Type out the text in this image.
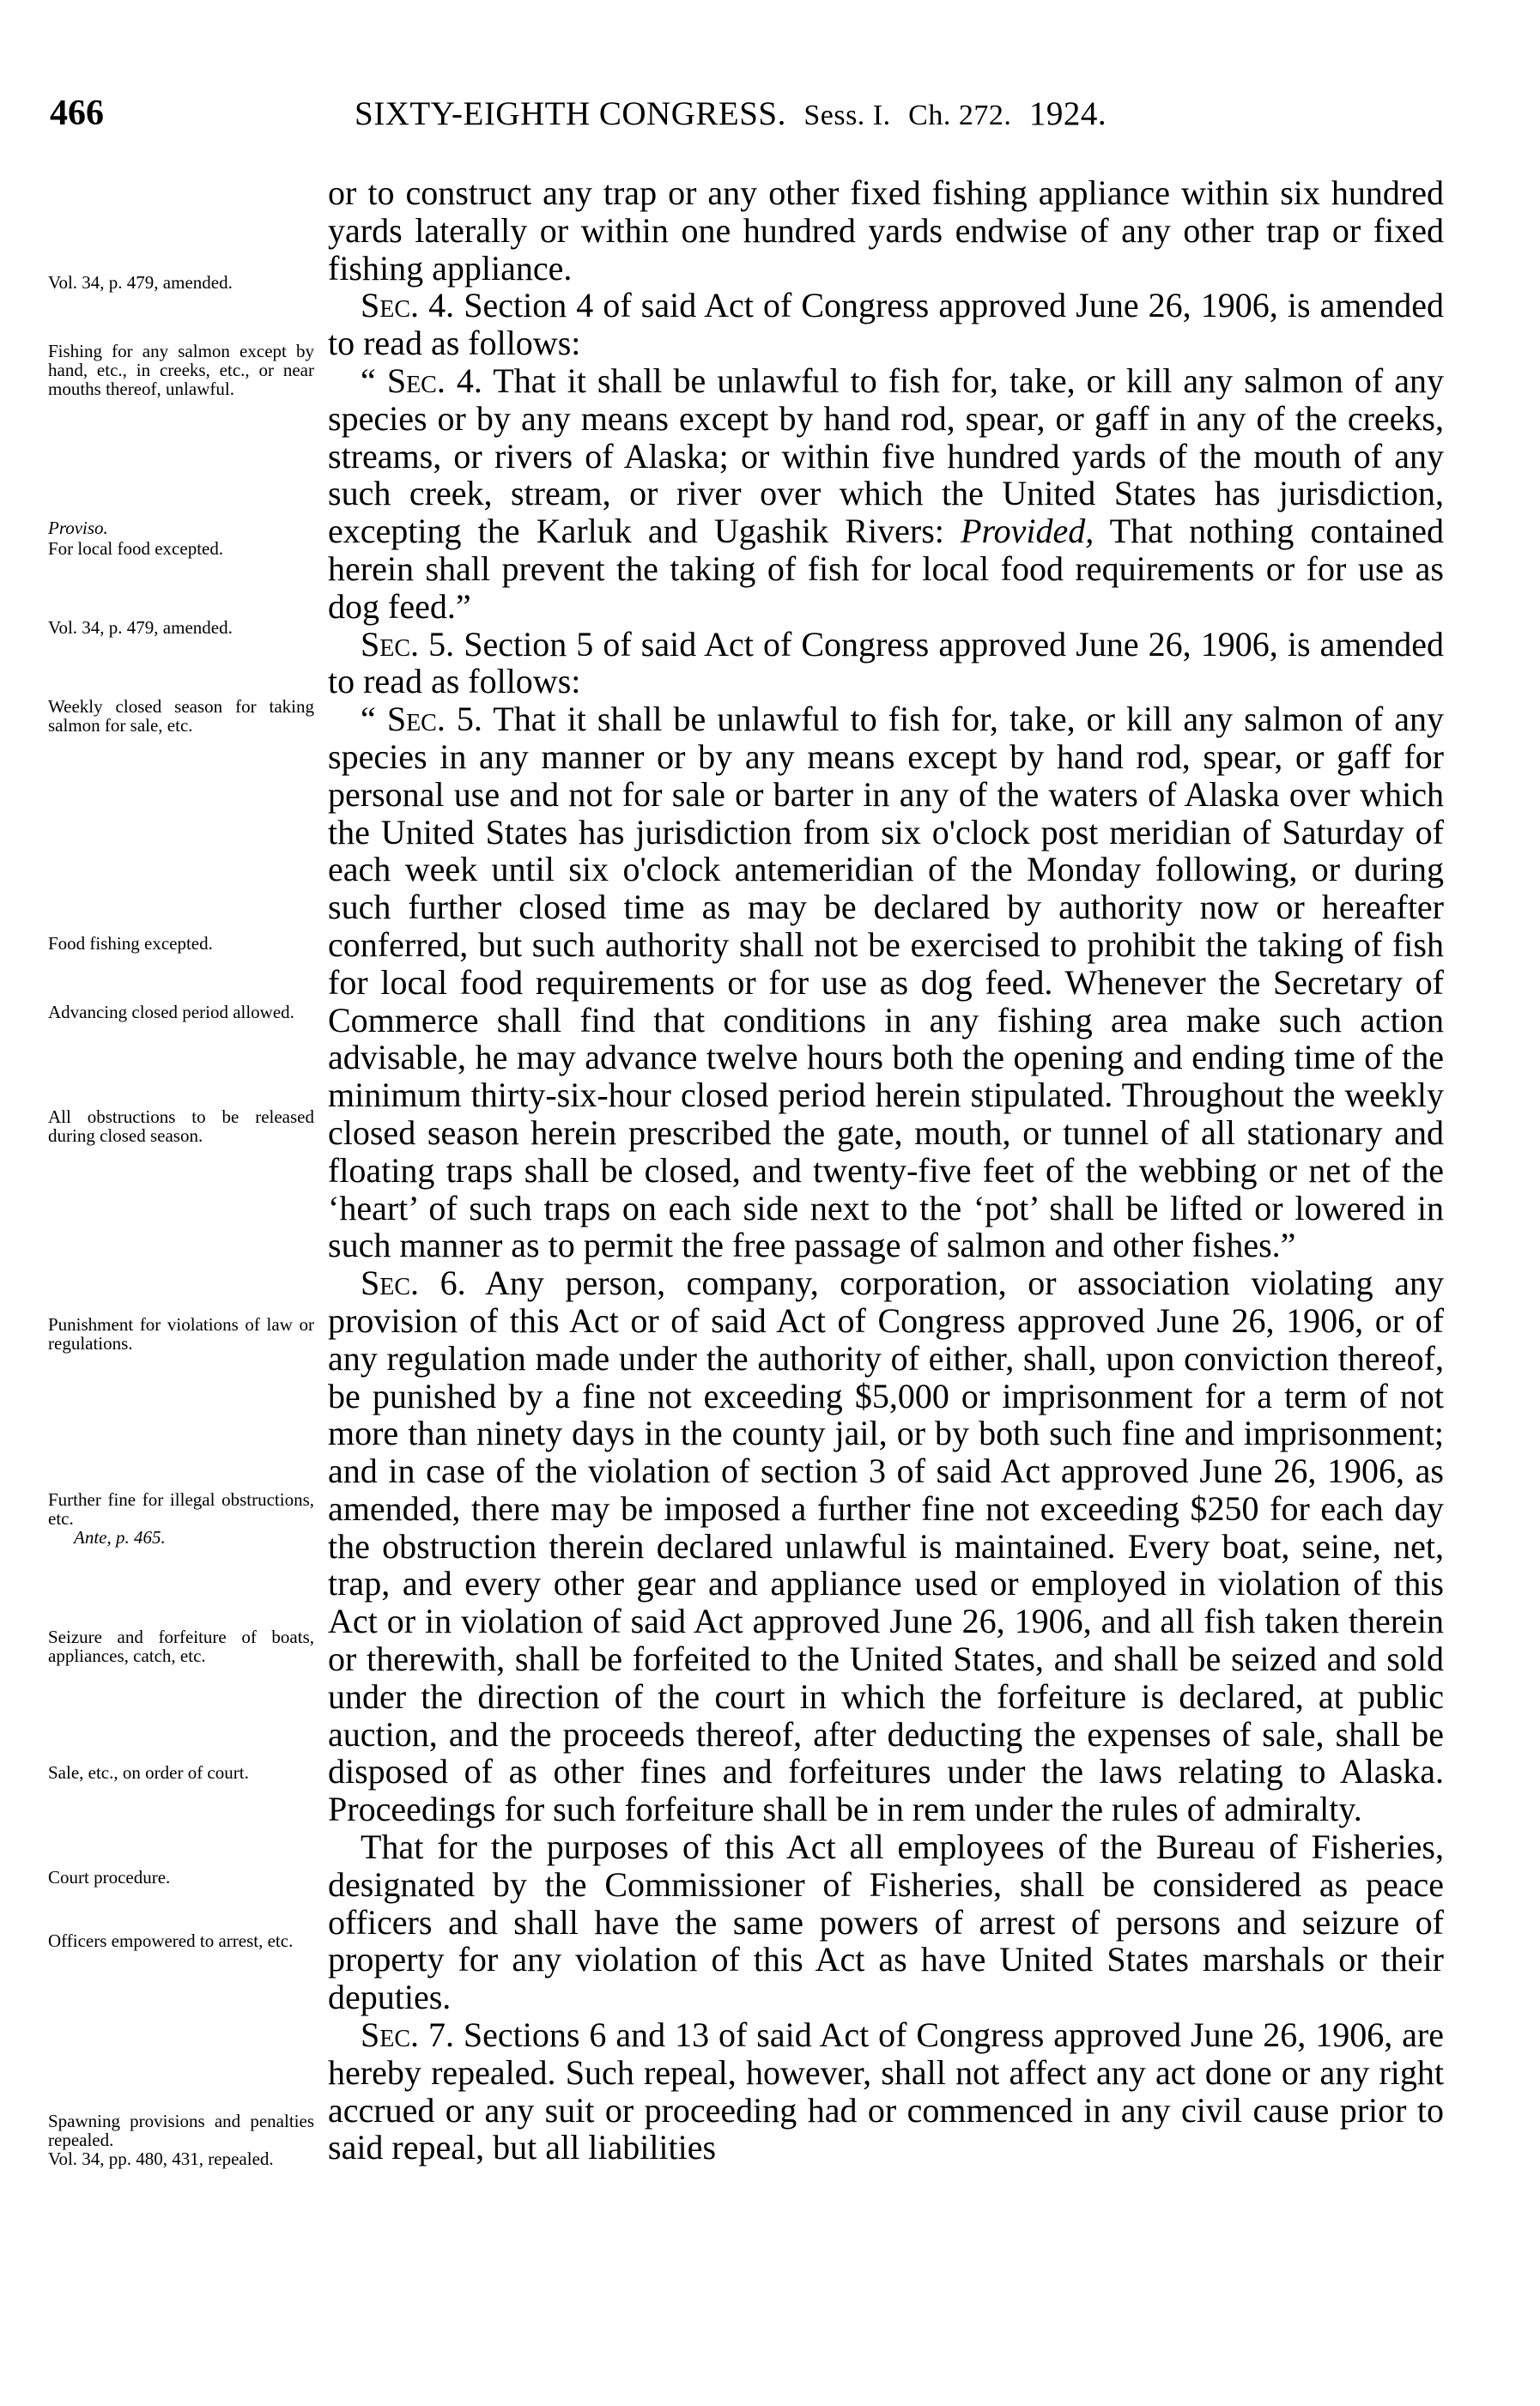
466	SIXTY-EIGHTH CONGRESS. Sess. I. Ch. 272. 1924.
Vol. 34, p. 479, amended.
Fishing for any salmon except by hand, etc., in creeks, etc., or near mouths thereof, unlawful.
Proviso.
For local food excepted.
Vol. 34, p. 479, amended.
Weekly closed season for taking salmon for sale, etc.
Food fishing excepted.
Advancing closed period allowed.
All obstructions to be released during closed season.
Punishment for violations of law or regulations.
Further fine for illegal obstructions, etc.
Ante, p. 465.
Seizure and forfeiture of boats, appliances, catch, etc.
Sale, etc., on order of court.
Court procedure.
Officers empowered to arrest, etc.
Spawning provisions and penalties repealed.
Vol. 34, pp. 480, 431, repealed.

or to construct any trap or any other fixed fishing appliance within six hundred yards laterally or within one hundred yards endwise of any other trap or fixed fishing appliance.

Sec. 4. Section 4 of said Act of Congress approved June 26, 1906, is amended to read as follows:

“ Sec. 4. That it shall be unlawful to fish for, take, or kill any salmon of any species or by any means except by hand rod, spear, or gaff in any of the creeks, streams, or rivers of Alaska; or within five hundred yards of the mouth of any such creek, stream, or river over which the United States has jurisdiction, excepting the Karluk and Ugashik Rivers: Provided, That nothing contained herein shall prevent the taking of fish for local food requirements or for use as dog feed.”

Sec. 5. Section 5 of said Act of Congress approved June 26, 1906, is amended to read as follows:

“ Sec. 5. That it shall be unlawful to fish for, take, or kill any salmon of any species in any manner or by any means except by hand rod, spear, or gaff for personal use and not for sale or barter in any of the waters of Alaska over which the United States has jurisdiction from six o'clock post meridian of Saturday of each week until six o'clock antemeridian of the Monday following, or during such further closed time as may be declared by authority now or hereafter conferred, but such authority shall not be exercised to prohibit the taking of fish for local food requirements or for use as dog feed. Whenever the Secretary of Commerce shall find that conditions in any fishing area make such action advisable, he may advance twelve hours both the opening and ending time of the minimum thirty-six-hour closed period herein stipulated. Throughout the weekly closed season herein prescribed the gate, mouth, or tunnel of all stationary and floating traps shall be closed, and twenty-five feet of the webbing or net of the ‘heart’ of such traps on each side next to the ‘pot’ shall be lifted or lowered in such manner as to permit the free passage of salmon and other fishes.”

Sec. 6. Any person, company, corporation, or association violating any provision of this Act or of said Act of Congress approved June 26, 1906, or of any regulation made under the authority of either, shall, upon conviction thereof, be punished by a fine not exceeding $5,000 or imprisonment for a term of not more than ninety days in the county jail, or by both such fine and imprisonment; and in case of the violation of section 3 of said Act approved June 26, 1906, as amended, there may be imposed a further fine not exceeding $250 for each day the obstruction therein declared unlawful is maintained. Every boat, seine, net, trap, and every other gear and appliance used or employed in violation of this Act or in violation of said Act approved June 26, 1906, and all fish taken therein or therewith, shall be forfeited to the United States, and shall be seized and sold under the direction of the court in which the forfeiture is declared, at public auction, and the proceeds thereof, after deducting the expenses of sale, shall be disposed of as other fines and forfeitures under the laws relating to Alaska. Proceedings for such forfeiture shall be in rem under the rules of admiralty.

That for the purposes of this Act all employees of the Bureau of Fisheries, designated by the Commissioner of Fisheries, shall be considered as peace officers and shall have the same powers of arrest of persons and seizure of property for any violation of this Act as have United States marshals or their deputies.

Sec. 7. Sections 6 and 13 of said Act of Congress approved June 26, 1906, are hereby repealed. Such repeal, however, shall not affect any act done or any right accrued or any suit or proceeding had or commenced in any civil cause prior to said repeal, but all liabilities
